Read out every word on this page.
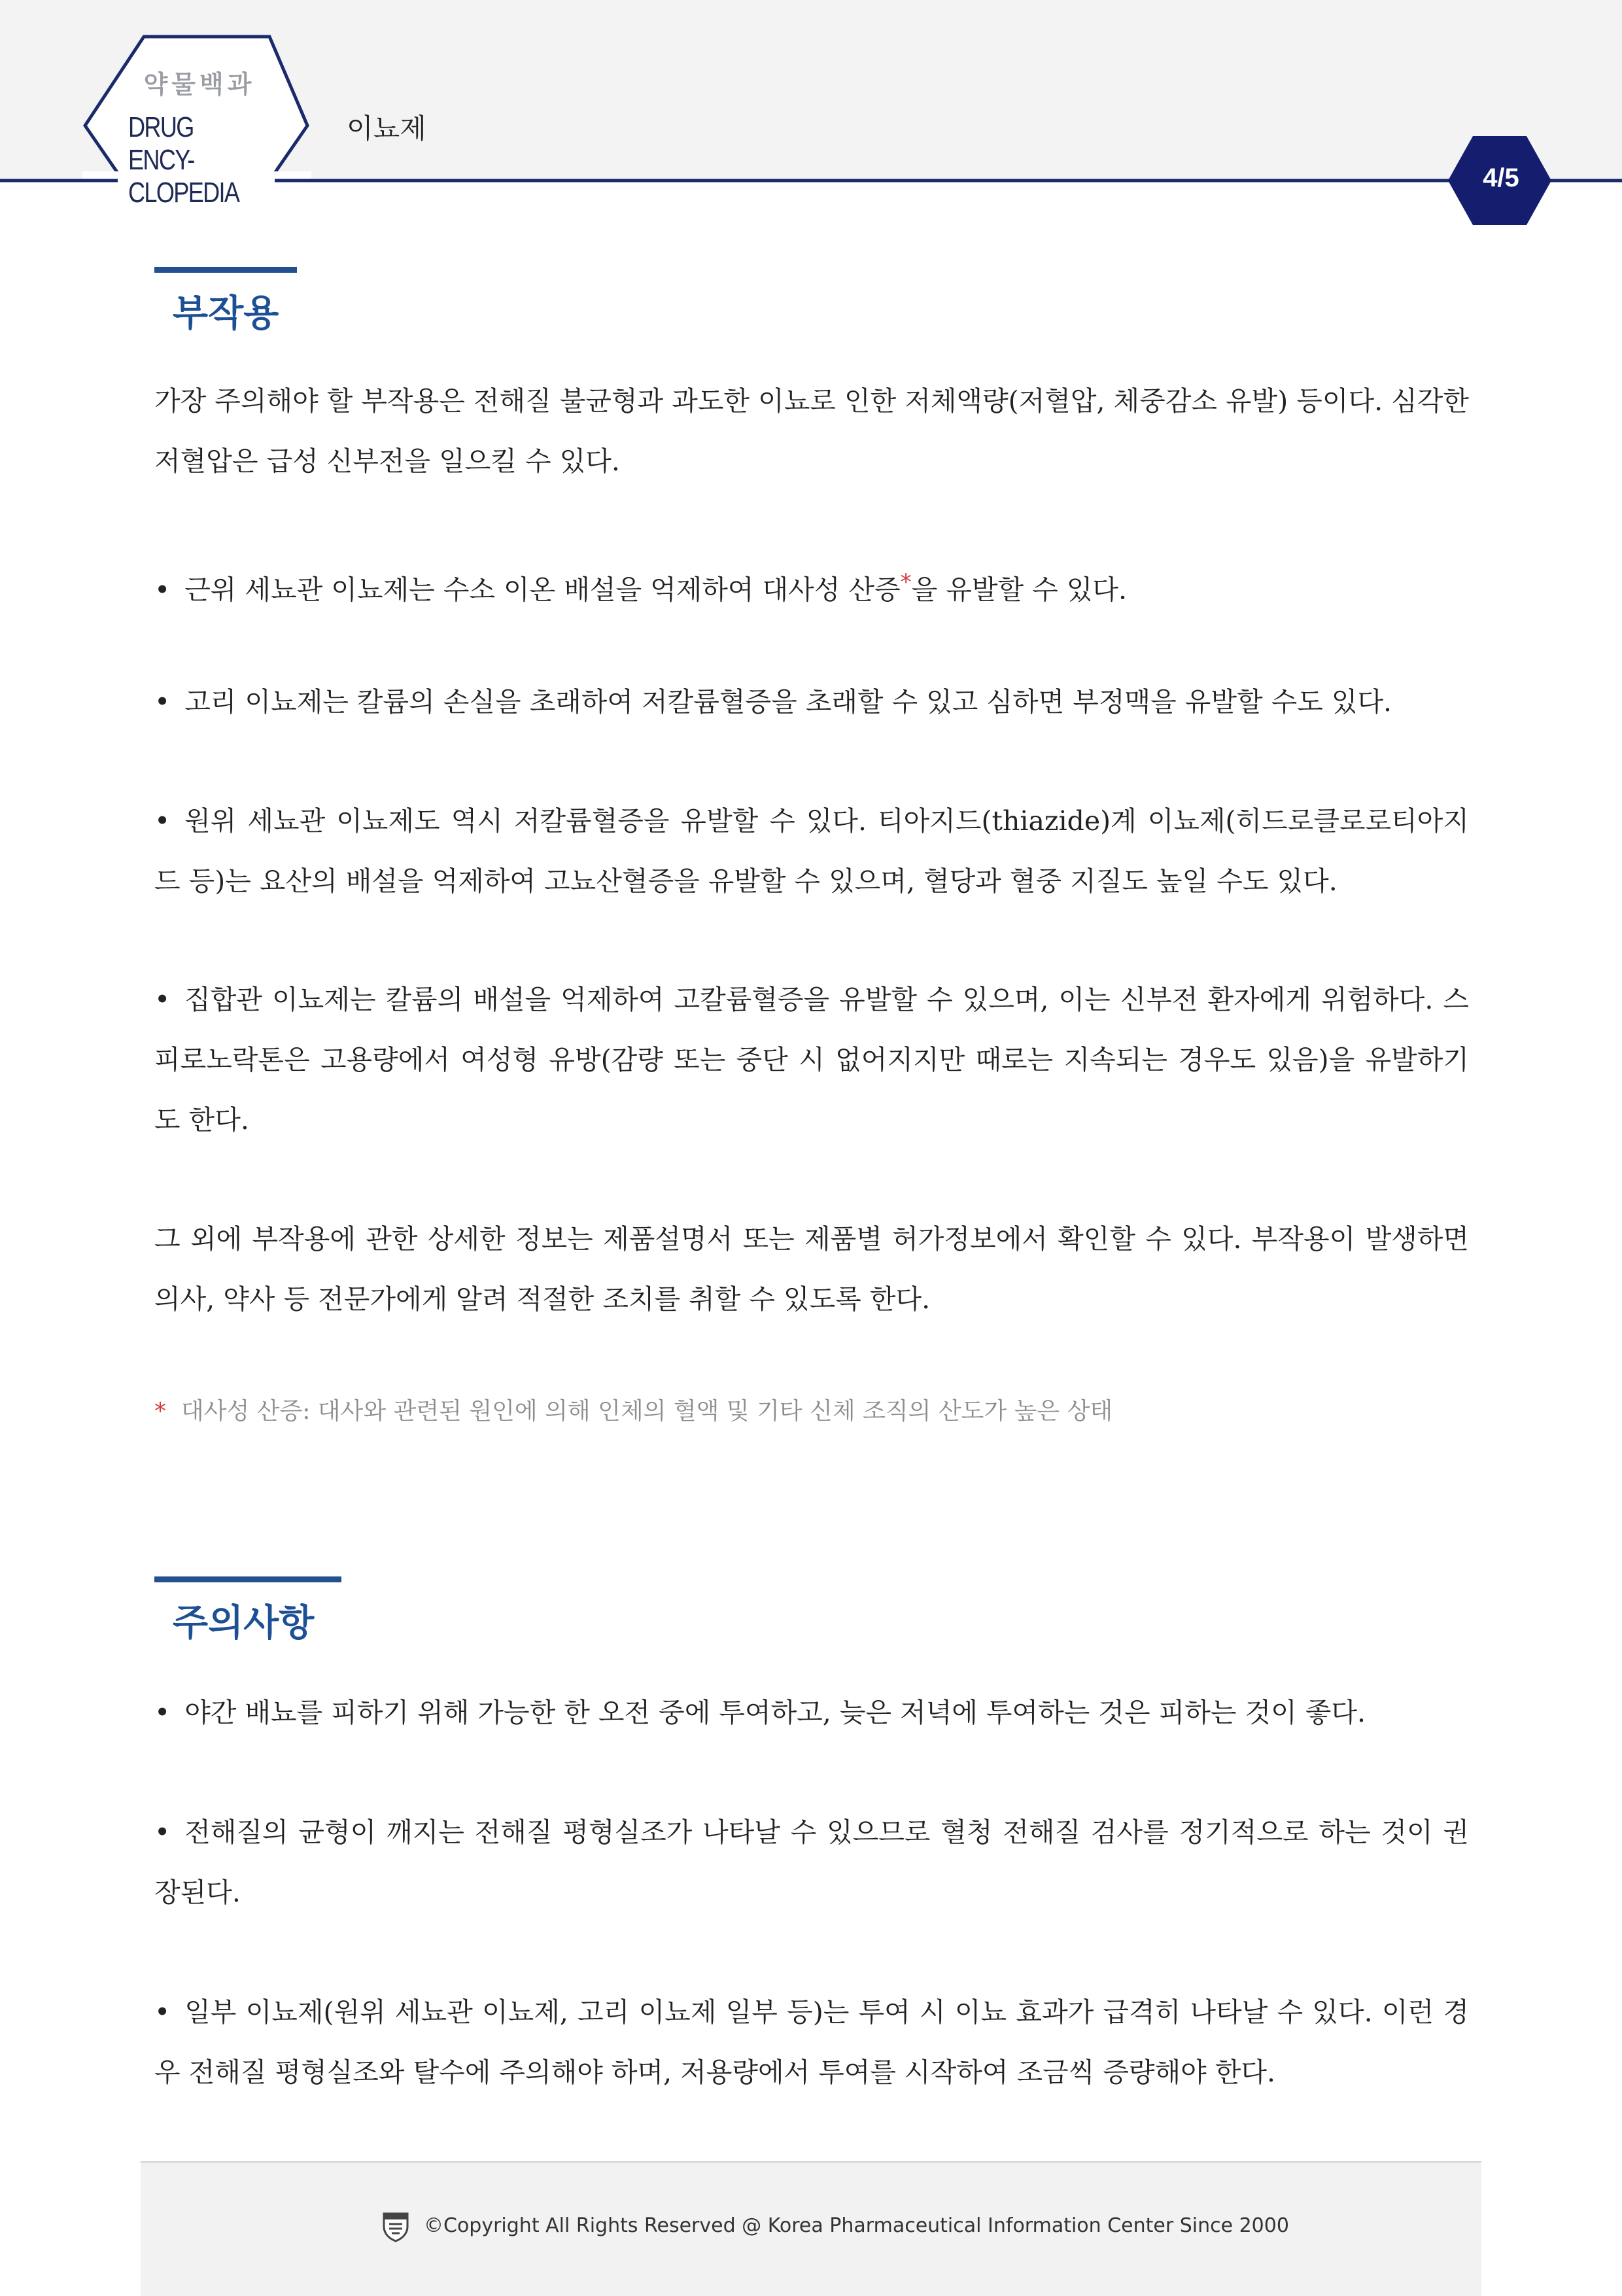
약물백과
DRUG ENCY-
CLOPEDIA
이뇨제
4/5
부작용

가장 주의해야 할 부작용은 전해질 불균형과 과도한 이뇨로 인한 저체액량(저혈압, 체중감소 유발) 등이다. 심각한 저혈압은 급성 신부전을 일으킬 수 있다.

• 근위 세뇨관 이뇨제는 수소 이온 배설을 억제하여 대사성 산증*을 유발할 수 있다.

• 고리 이뇨제는 칼륨의 손실을 초래하여 저칼륨혈증을 초래할 수 있고 심하면 부정맥을 유발할 수도 있다.

• 원위 세뇨관 이뇨제도 역시 저칼륨혈증을 유발할 수 있다. 티아지드(thiazide)계 이뇨제(히드로클로로티아지드 등)는 요산의 배설을 억제하여 고뇨산혈증을 유발할 수 있으며, 혈당과 혈중 지질도 높일 수도 있다.

• 집합관 이뇨제는 칼륨의 배설을 억제하여 고칼륨혈증을 유발할 수 있으며, 이는 신부전 환자에게 위험하다. 스피로노락톤은 고용량에서 여성형 유방(감량 또는 중단 시 없어지지만 때로는 지속되는 경우도 있음)을 유발하기도 한다.

그 외에 부작용에 관한 상세한 정보는 제품설명서 또는 제품별 허가정보에서 확인할 수 있다. 부작용이 발생하면 의사, 약사 등 전문가에게 알려 적절한 조치를 취할 수 있도록 한다.

* 대사성 산증: 대사와 관련된 원인에 의해 인체의 혈액 및 기타 신체 조직의 산도가 높은 상태
주의사항

• 야간 배뇨를 피하기 위해 가능한 한 오전 중에 투여하고, 늦은 저녁에 투여하는 것은 피하는 것이 좋다.

• 전해질의 균형이 깨지는 전해질 평형실조가 나타날 수 있으므로 혈청 전해질 검사를 정기적으로 하는 것이 권장된다.

• 일부 이뇨제(원위 세뇨관 이뇨제, 고리 이뇨제 일부 등)는 투여 시 이뇨 효과가 급격히 나타날 수 있다. 이런 경우 전해질 평형실조와 탈수에 주의해야 하며, 저용량에서 투여를 시작하여 조금씩 증량해야 한다.

©Copyright All Rights Reserved @ Korea Pharmaceutical Information Center Since 2000
